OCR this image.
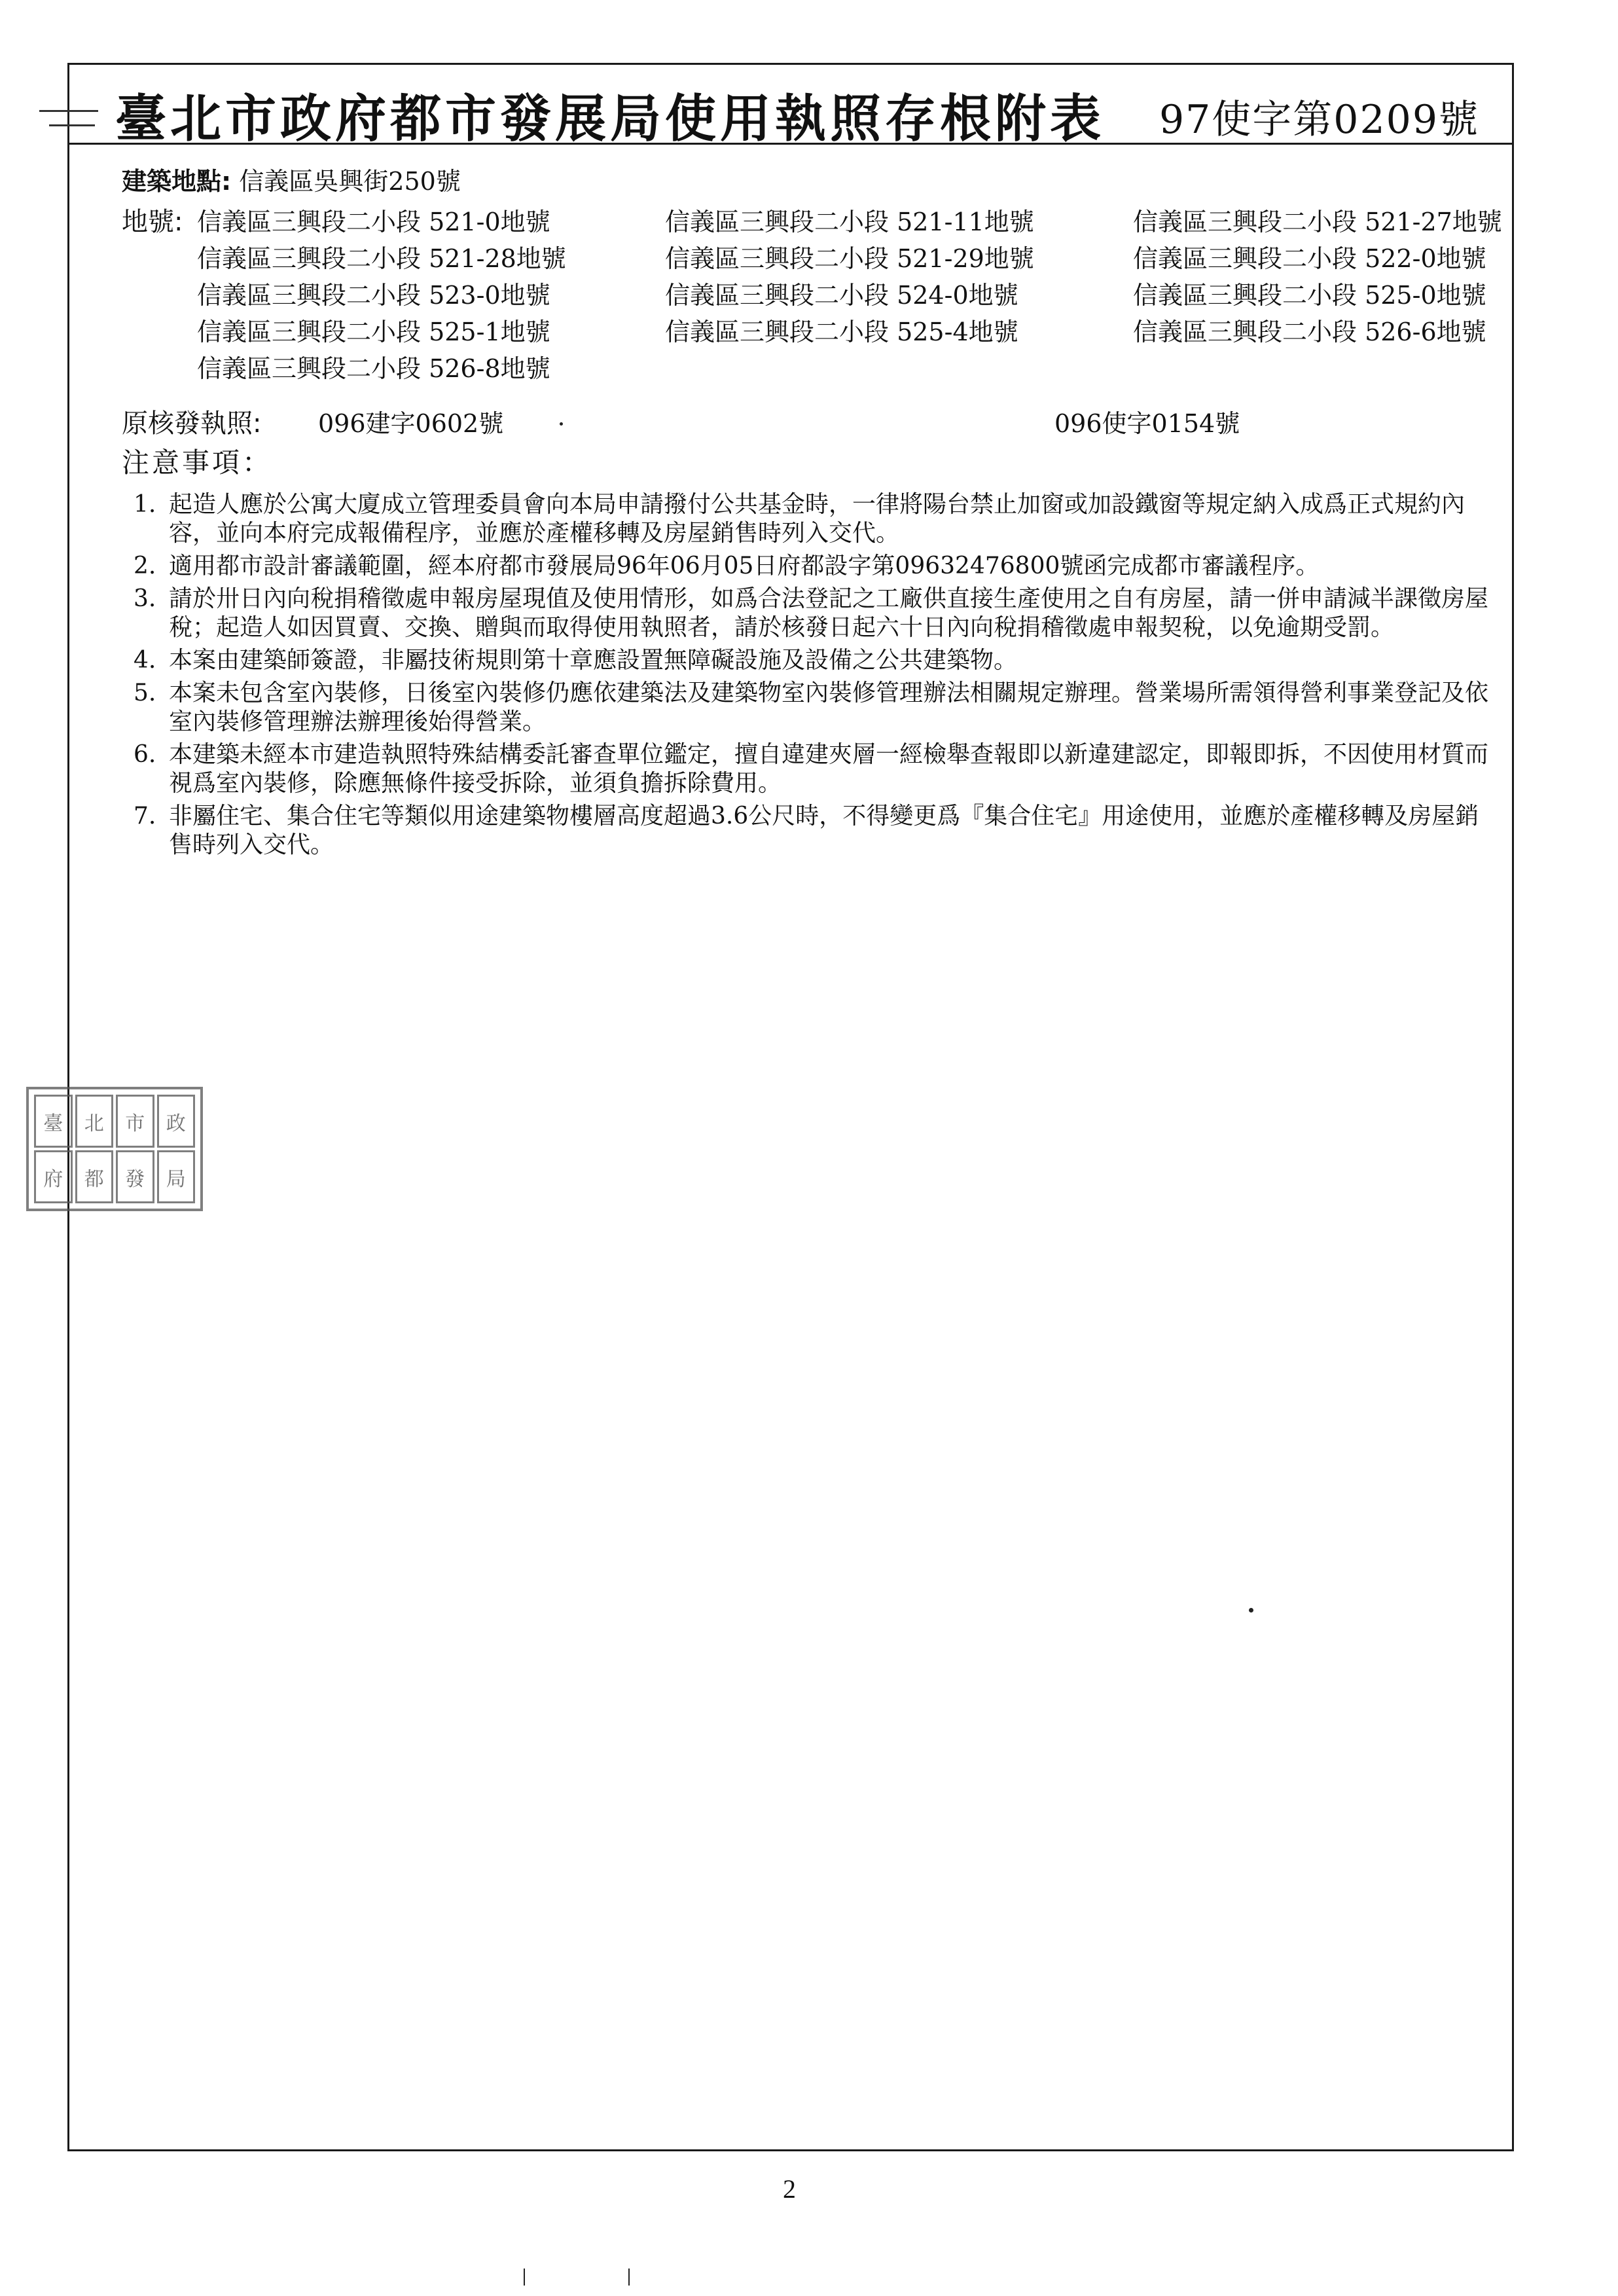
臺北市政府都市發展局使用執照存根附表 97使字第0209號
建築地點: 信義區吳興街250號
地號: 信義區三興段二小段 521-0地號	信義區三興段二小段 521-11地號	信義區三興段二小段 521-27地號
信義區三興段二小段 521-28地號	信義區三興段二小段 521-29地號	信義區三興段二小段 522-0地號
信義區三興段二小段 523-0地號	信義區三興段二小段 524-0地號	信義區三興段二小段 525-0地號
信義區三興段二小段 525-1地號	信義區三興段二小段 525-4地號	信義區三興段二小段 526-6地號
信義區三興段二小段 526-8地號
原核發執照: 096建字0602號	096使字0154號
注意事項：
1. 起造人應於公寓大廈成立管理委員會向本局申請撥付公共基金時，一律將陽台禁止加窗或加設鐵窗等規定納入成爲正式規約內容，並向本府完成報備程序，並應於產權移轉及房屋銷售時列入交代。
2. 適用都市設計審議範圍，經本府都市發展局96年06月05日府都設字第09632476800號函完成都市審議程序。
3. 請於卅日內向稅捐稽徵處申報房屋現值及使用情形，如爲合法登記之工廠供直接生產使用之自有房屋，請一併申請減半課徵房屋稅；起造人如因買賣、交換、贈與而取得使用執照者，請於核發日起六十日內向稅捐稽徵處申報契稅，以免逾期受罰。
4. 本案由建築師簽證，非屬技術規則第十章應設置無障礙設施及設備之公共建築物。
5. 本案未包含室內裝修，日後室內裝修仍應依建築法及建築物室內裝修管理辦法相關規定辦理。營業場所需領得營利事業登記及依室內裝修管理辦法辦理後始得營業。
6. 本建築未經本市建造執照特殊結構委託審查單位鑑定，擅自違建夾層一經檢舉查報即以新違建認定，即報即拆，不因使用材質而視爲室內裝修，除應無條件接受拆除，並須負擔拆除費用。
7. 非屬住宅、集合住宅等類似用途建築物樓層高度超過3.6公尺時，不得變更爲『集合住宅』用途使用，並應於產權移轉及房屋銷售時列入交代。
臺	北	市	政
府	都	發	局
2
